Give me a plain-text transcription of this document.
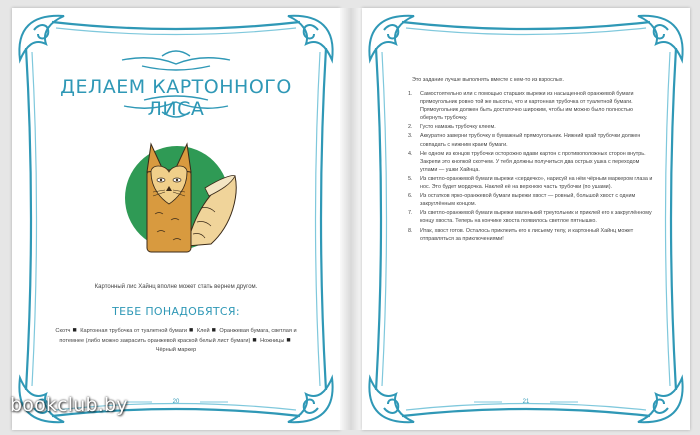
ДЕЛАЕМ КАРТОННОГО ЛИСА
Картонный лис Хайнц вполне может стать вернем другом.
ТЕБЕ ПОНАДОБЯТСЯ:
Скотч ■ Картонная трубочка от туалетной бумаги ■ Клей ■ Оранжевая бумага, светлая и потемнее (либо можно закрасить оранжевой краской белый лист бумаги) ■ Ножницы ■ Чёрный маркер
20
Это задание лучше выполнять вместе с кем-то из взрослых.
1.	Самостоятельно или с помощью старших вырежи из насыщенной оранжевой бумаги прямоугольник ровно той же высоты, что и картонная трубочка от туалетной бумаги. Прямоугольник должен быть достаточно широким, чтобы им можно было полностью обернуть трубочку.
2.	Густо намажь трубочку клеем.
3.	Аккуратно заверни трубочку в бумажный прямоугольник. Нижний край трубочки должен совпадать с нижним краем бумаги.
4.	Не одном из концов трубочки осторожно вдави картон с противоположных сторон внутрь. Закрепи это кнопкой скотчем. У тебя должны получиться два острых ушка с переходом углами — ушки Хайнца.
5.	Из светло-оранжевой бумаги вырежи «сердечко», нарисуй на нём чёрным маркером глаза и нос. Это будет мордочка. Наклей её на верхнюю часть трубочки (по ушами).
6.	Из остатков ярко-оранжевой бумаги вырежи хвост — ровный, большой хвост с одним закруглённым концом.
7.	Из светло-оранжевой бумаги вырежи маленький треугольник и приклей его к закруглённому концу хвоста. Теперь на кончике хвоста появилось светлое пятнышко.
8.	Итак, хвост готов. Осталось приклеить его к лисьему телу, и картонный Хайнц может отправляться за приключениями!
21
bookclub.by
